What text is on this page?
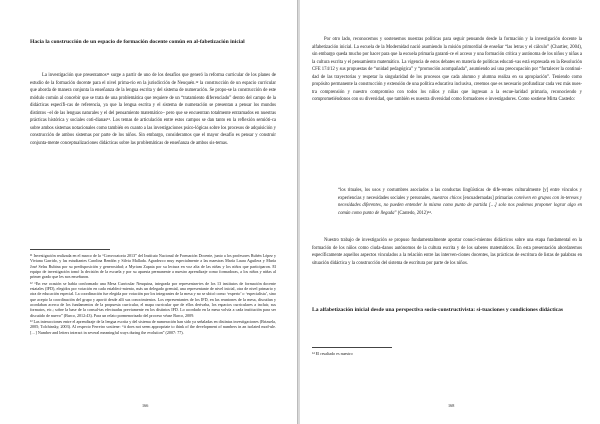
Hacia la construcción de un espacio de formación docente común en al-fabetización inicial

La investigación que presentamos¹¹ surge a partir de uno de los desafíos que generó la reforma curricular de los planes de estudio de la formación docente para el nivel prima-rio en la jurisdicción de Neuquén.¹² la construcción de un espacio curricular que aborda de manera conjunta la enseñanza de la lengua escrita y del sistema de numeración. Se propo-se la construcción de este módulo común al concebir que se trata de una problemática que requiere de un “tratamiento diferenciado” dentro del campo de la didácticas específi-cas de referencia, ya que la lengua escrita y el sistema de numeración se presentan a pensar los mundos distintos –el de las lenguas naturales y el del pensamiento matemático– pero que se encuentran totalmente entramados en nuestras prácticas histórica y sociales coti-dianas¹³. Los temas de articulación entre estos campos se dan tanto en la reflexión semióti-ca sobre ambos sistemas notacionales como también en cuanto a las investigaciones psico-lógicas sobre los procesos de adquisición y construcción de ambos sistemas por parte de los niños. Sin embargo, consideramos que el mayor desafío es pensar y construir conjunta-mente conceptualizaciones didácticas sobre las problemáticas de enseñanza de ambos sis-temas.

¹¹ Investigación realizada en el marco de la “Convocatoria 2013” del Instituto Nacional de Formación Docente, junto a los profesores Rubén López y Viviana Garrido, y las estudiantes Carolina Rendón y Silvia Mallada. Agradezco muy especialmente a las maestras María Laura Aguilera y María José Selas Rubina por su predisposición y generosidad; a Myriam Zapata por su lectura en voz alta de las niñas y los niños que participaron. El equipo de investigación tomó la decisión de la escuela y por su apuesta permanente a nuestro aprendizaje como formadoras, a los niños y niñas al primer grado que les nos enseñaron.

¹² “En ese ocasión se había conformado una Mesa Curricular Neuquina, integrada por representan-tes de los 13 institutos de formación docente estatales (IFD), elegidos por votación en cada estableci-miento, más un delegado gremial, una representante de nivel inicial, otra de nivel primario y otra de educación especial. La coordinación fue elegida por votación por los integrantes de la mesa y no se ubicó como ‘experto’ o ‘especialista’, sino que acepto la coordinación del grupo y aportó desde allí sus conocimientos. Los representantes de los IFD, en las reuniones de la mesa, discutían y acordaban acerca de los fundamentos de la propuesta curricular, el mapa curricular que de ellos derivaba, los espacios curriculares a incluir, sus formatos, etc.; sobre la base de la consul-tas efectuadas previamente en los distintos IFD. Lo acordado en la mesa volvía a cada institución para ser discutido de nuevo” (Barco, 2012:43). Para un relato pormenorizado del proceso véase Barco, 2009.

¹³ Las interacciones entre el aprendizaje de la lengua escrita y del sistema de numeración han sido ya señaladas en distintas investigaciones (Brizuela, 2005; Tolchinsky, 2003). Al respecto Ferreiro sostiene: “it does not seem appropriate to think of the development of numbers in an isolated mod-ule. […] Number and letters interact in several meaningful ways during the evolution” (2007: 77).

166

Por otro lado, reconocemos y sostenemos nuestras políticas para seguir pensando desde la formación y la investigación docente la alfabetización inicial. La escuela de la Modernidad nació asumiendo la misión primordial de enseñar “las letras y el cálculo” (Chartier, 2004), sin embargo queda mucho por hacer para que la escuela primaria garanti-ce el acceso y una formación crítica y autónoma de los niños y niñas a la cultura escrita y el pensamiento matemático. La vigencia de estos debates en materia de políticas educati-vas está expresada en la Resolución CFE 174/12 y sus propuestas de “unidad pedagógica” y “promoción acompañada”, asumiendo así una preocupación por “fortalecer la continui-dad de las trayectorias y respetar la singularidad de los procesos que cada alumno y alumna realiza en su apropiación”. Teniendo como propósito permanente la construcción y extensión de una política educativa inclusiva, creemos que es necesario profundizar cada vez más nues-tra comprensión y nuestro compromiso con todos los niños y niñas que ingresan a la escue-laridad primaria, reconociendo y comprometiéndonos con su diversidad, que también es nuestra diversidad como formadores e investigadores. Como sostiene Mirta Castedo:

“los rituales, los usos y costumbres asociados a las conductas lingüísticas de dife-rentes culturalmente [y] entre vínculos y experiencias y necesidades sociales y personales, nuestros chicos [encuadernadas] primarias conviven en grupos con in-tereses y necesidades diferentes, no pueden entender lo mismo como punto de partida […] solo nos podemos proponer lograr algo en común como punto de llegada” (Castedo, 2012)¹⁴.

Nuestro trabajo de investigación se propuso fundamentalmente aportar conoci-mientos didácticos sobre una etapa fundamental en la formación de los niños como ciuda-danos autónomos de la cultura escrita y de los saberes matemáticos. En esta presentación abordaremos específicamente aquellos aspectos vinculados a la relación entre las interven-ciones docentes, las prácticas de escritura de listas de palabras en situación didáctica y la construcción del sistema de escritura por parte de los niños.

La alfabetización inicial desde una perspectiva socio-constructivista: si-tuaciones y condiciones didácticas

¹⁴ El resaltado es nuestro

168
